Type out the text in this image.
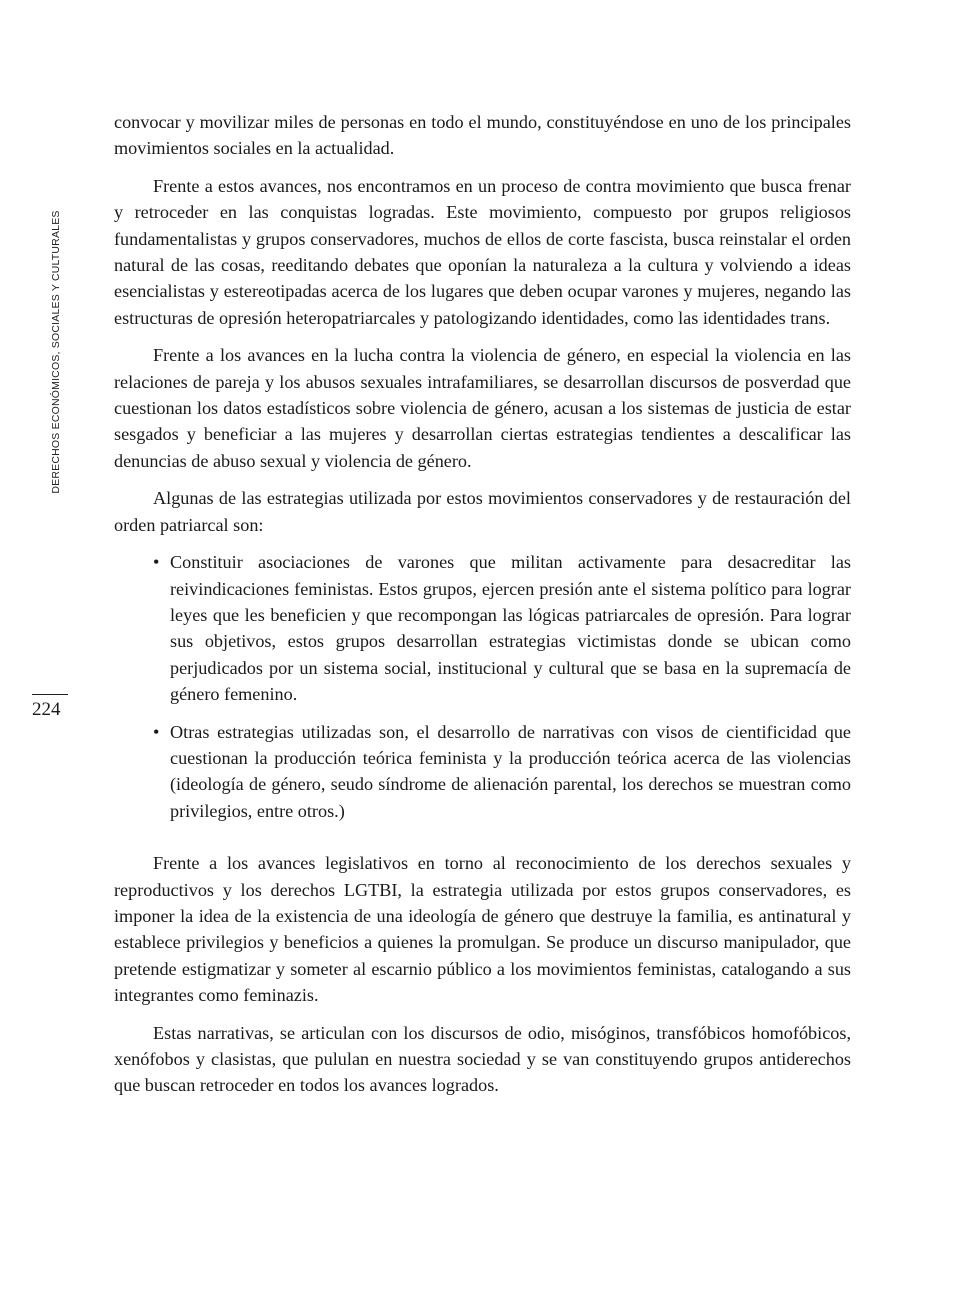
DERECHOS ECONÓMICOS, SOCIALES Y CULTURALES
224

convocar y movilizar miles de personas en todo el mundo, constituyéndose en uno de los principales movimientos sociales en la actualidad.

Frente a estos avances, nos encontramos en un proceso de contra movimiento que busca frenar y retroceder en las conquistas logradas. Este movimiento, compuesto por grupos religiosos fundamentalistas y grupos conservadores, muchos de ellos de corte fascista, busca reinstalar el orden natural de las cosas, reeditando debates que oponían la naturaleza a la cultura y volviendo a ideas esencialistas y estereotipadas acerca de los lugares que deben ocupar varones y mujeres, negando las estructuras de opresión heteropatriarcales y patologizando identidades, como las identidades trans.

Frente a los avances en la lucha contra la violencia de género, en especial la violencia en las relaciones de pareja y los abusos sexuales intrafamiliares, se desarrollan discursos de posverdad que cuestionan los datos estadísticos sobre violencia de género, acusan a los sistemas de justicia de estar sesgados y beneficiar a las mujeres y desarrollan ciertas estrategias tendientes a descalificar las denuncias de abuso sexual y violencia de género.

Algunas de las estrategias utilizada por estos movimientos conservadores y de restauración del orden patriarcal son:

• Constituir asociaciones de varones que militan activamente para desacreditar las reivindicaciones feministas. Estos grupos, ejercen presión ante el sistema político para lograr leyes que les beneficien y que recompongan las lógicas patriarcales de opresión. Para lograr sus objetivos, estos grupos desarrollan estrategias victimistas donde se ubican como perjudicados por un sistema social, institucional y cultural que se basa en la supremacía de género femenino.
• Otras estrategias utilizadas son, el desarrollo de narrativas con visos de cientificidad que cuestionan la producción teórica feminista y la producción teórica acerca de las violencias (ideología de género, seudo síndrome de alienación parental, los derechos se muestran como privilegios, entre otros.)

Frente a los avances legislativos en torno al reconocimiento de los derechos sexuales y reproductivos y los derechos LGTBI, la estrategia utilizada por estos grupos conservadores, es imponer la idea de la existencia de una ideología de género que destruye la familia, es antinatural y establece privilegios y beneficios a quienes la promulgan. Se produce un discurso manipulador, que pretende estigmatizar y someter al escarnio público a los movimientos feministas, catalogando a sus integrantes como feminazis.

Estas narrativas, se articulan con los discursos de odio, misóginos, transfóbicos homofóbicos, xenófobos y clasistas, que pululan en nuestra sociedad y se van constituyendo grupos antiderechos que buscan retroceder en todos los avances logrados.
